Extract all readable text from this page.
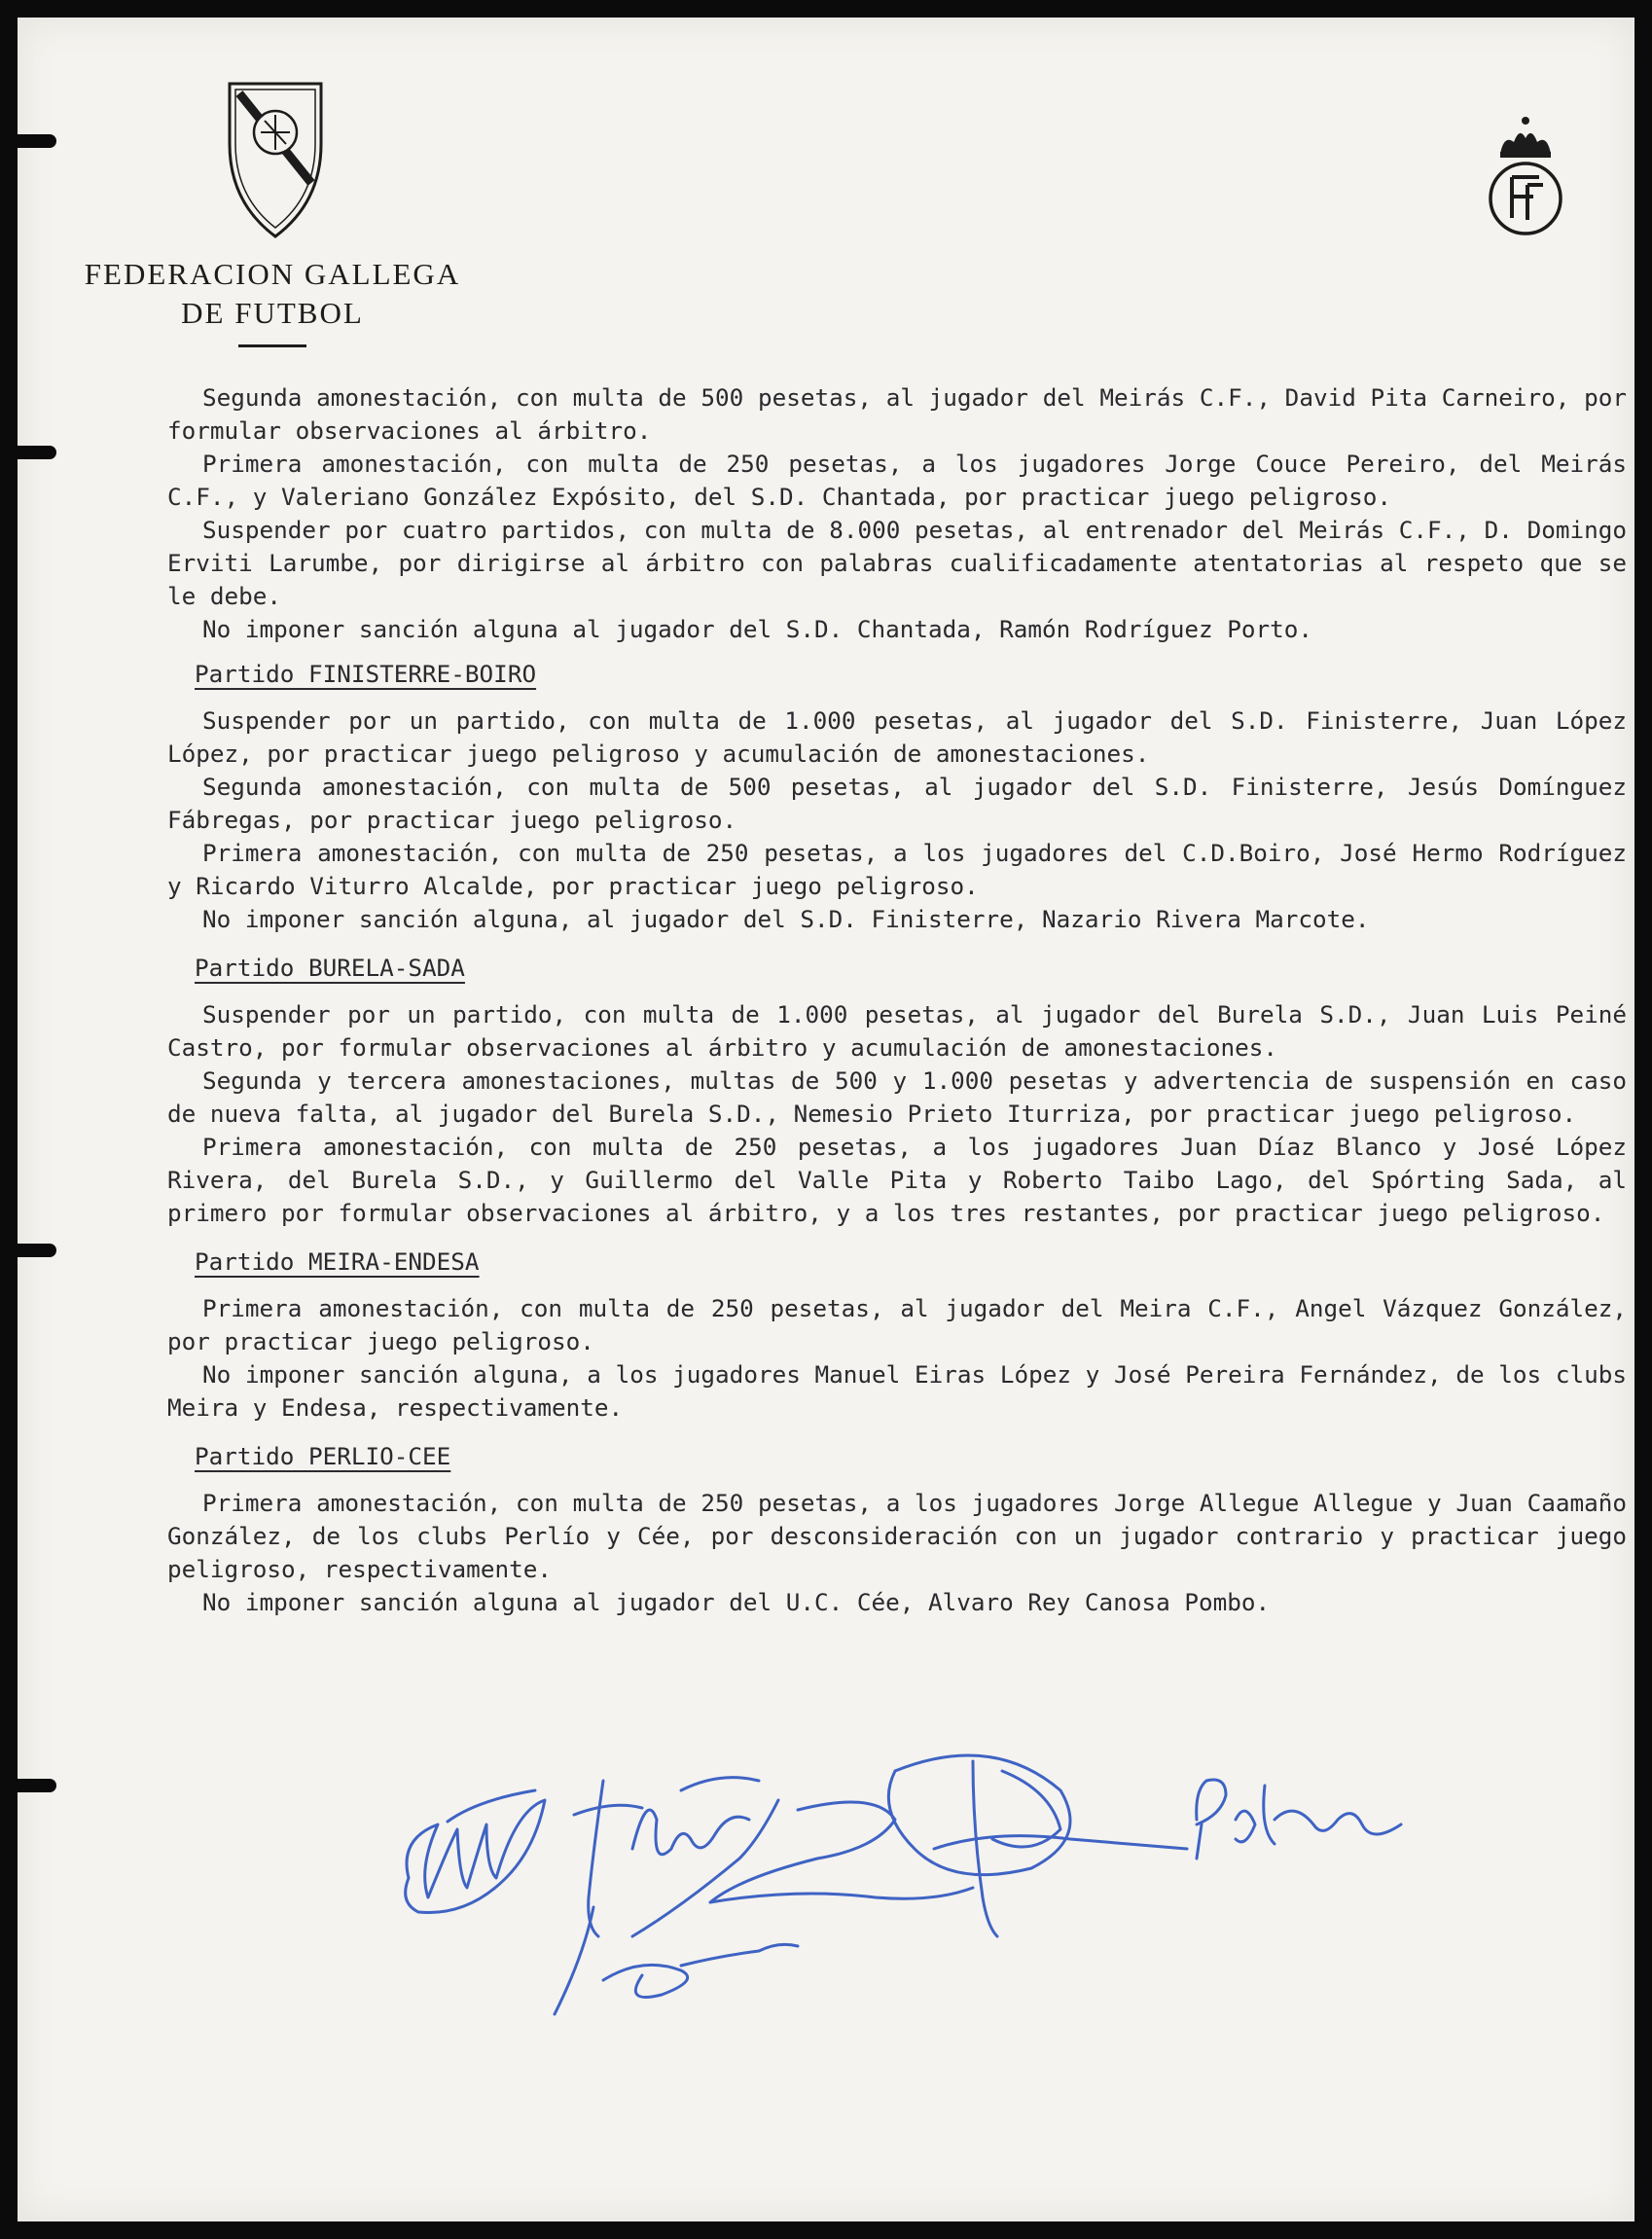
FEDERACION GALLEGA
DE FUTBOL

Segunda amonestación, con multa de 500 pesetas, al jugador del Meirás C.F., David Pita Carneiro, por formular observaciones al árbitro.

Primera amonestación, con multa de 250 pesetas, a los jugadores Jorge Couce Pereiro, del Meirás C.F., y Valeriano González Expósito, del S.D. Chantada, por practicar juego peligroso.

Suspender por cuatro partidos, con multa de 8.000 pesetas, al entrenador del Meirás C.F., D. Domingo Erviti Larumbe, por dirigirse al árbitro con palabras cualificadamente atentatorias al respeto que se le debe.

No imponer sanción alguna al jugador del S.D. Chantada, Ramón Rodríguez Porto.

Partido FINISTERRE-BOIRO

Suspender por un partido, con multa de 1.000 pesetas, al jugador del S.D. Finisterre, Juan López López, por practicar juego peligroso y acumulación de amonestaciones.

Segunda amonestación, con multa de 500 pesetas, al jugador del S.D. Finisterre, Jesús Domínguez Fábregas, por practicar juego peligroso.

Primera amonestación, con multa de 250 pesetas, a los jugadores del C.D.Boiro, José Hermo Rodríguez y Ricardo Viturro Alcalde, por practicar juego peligroso.

No imponer sanción alguna, al jugador del S.D. Finisterre, Nazario Rivera Marcote.

Partido BURELA-SADA

Suspender por un partido, con multa de 1.000 pesetas, al jugador del Burela S.D., Juan Luis Peiné Castro, por formular observaciones al árbitro y acumulación de amonestaciones.

Segunda y tercera amonestaciones, multas de 500 y 1.000 pesetas y advertencia de suspensión en caso de nueva falta, al jugador del Burela S.D., Nemesio Prieto Iturriza, por practicar juego peligroso.

Primera amonestación, con multa de 250 pesetas, a los jugadores Juan Díaz Blanco y José López Rivera, del Burela S.D., y Guillermo del Valle Pita y Roberto Taibo Lago, del Spórting Sada, al primero por formular observaciones al árbitro, y a los tres restantes, por practicar juego peligroso.

Partido MEIRA-ENDESA

Primera amonestación, con multa de 250 pesetas, al jugador del Meira C.F., Angel Vázquez González, por practicar juego peligroso.

No imponer sanción alguna, a los jugadores Manuel Eiras López y José Pereira Fernández, de los clubs Meira y Endesa, respectivamente.

Partido PERLIO-CEE

Primera amonestación, con multa de 250 pesetas, a los jugadores Jorge Allegue Allegue y Juan Caamaño González, de los clubs Perlío y Cée, por desconsideración con un jugador contrario y practicar juego peligroso, respectivamente.

No imponer sanción alguna al jugador del U.C. Cée, Alvaro Rey Canosa Pombo.
